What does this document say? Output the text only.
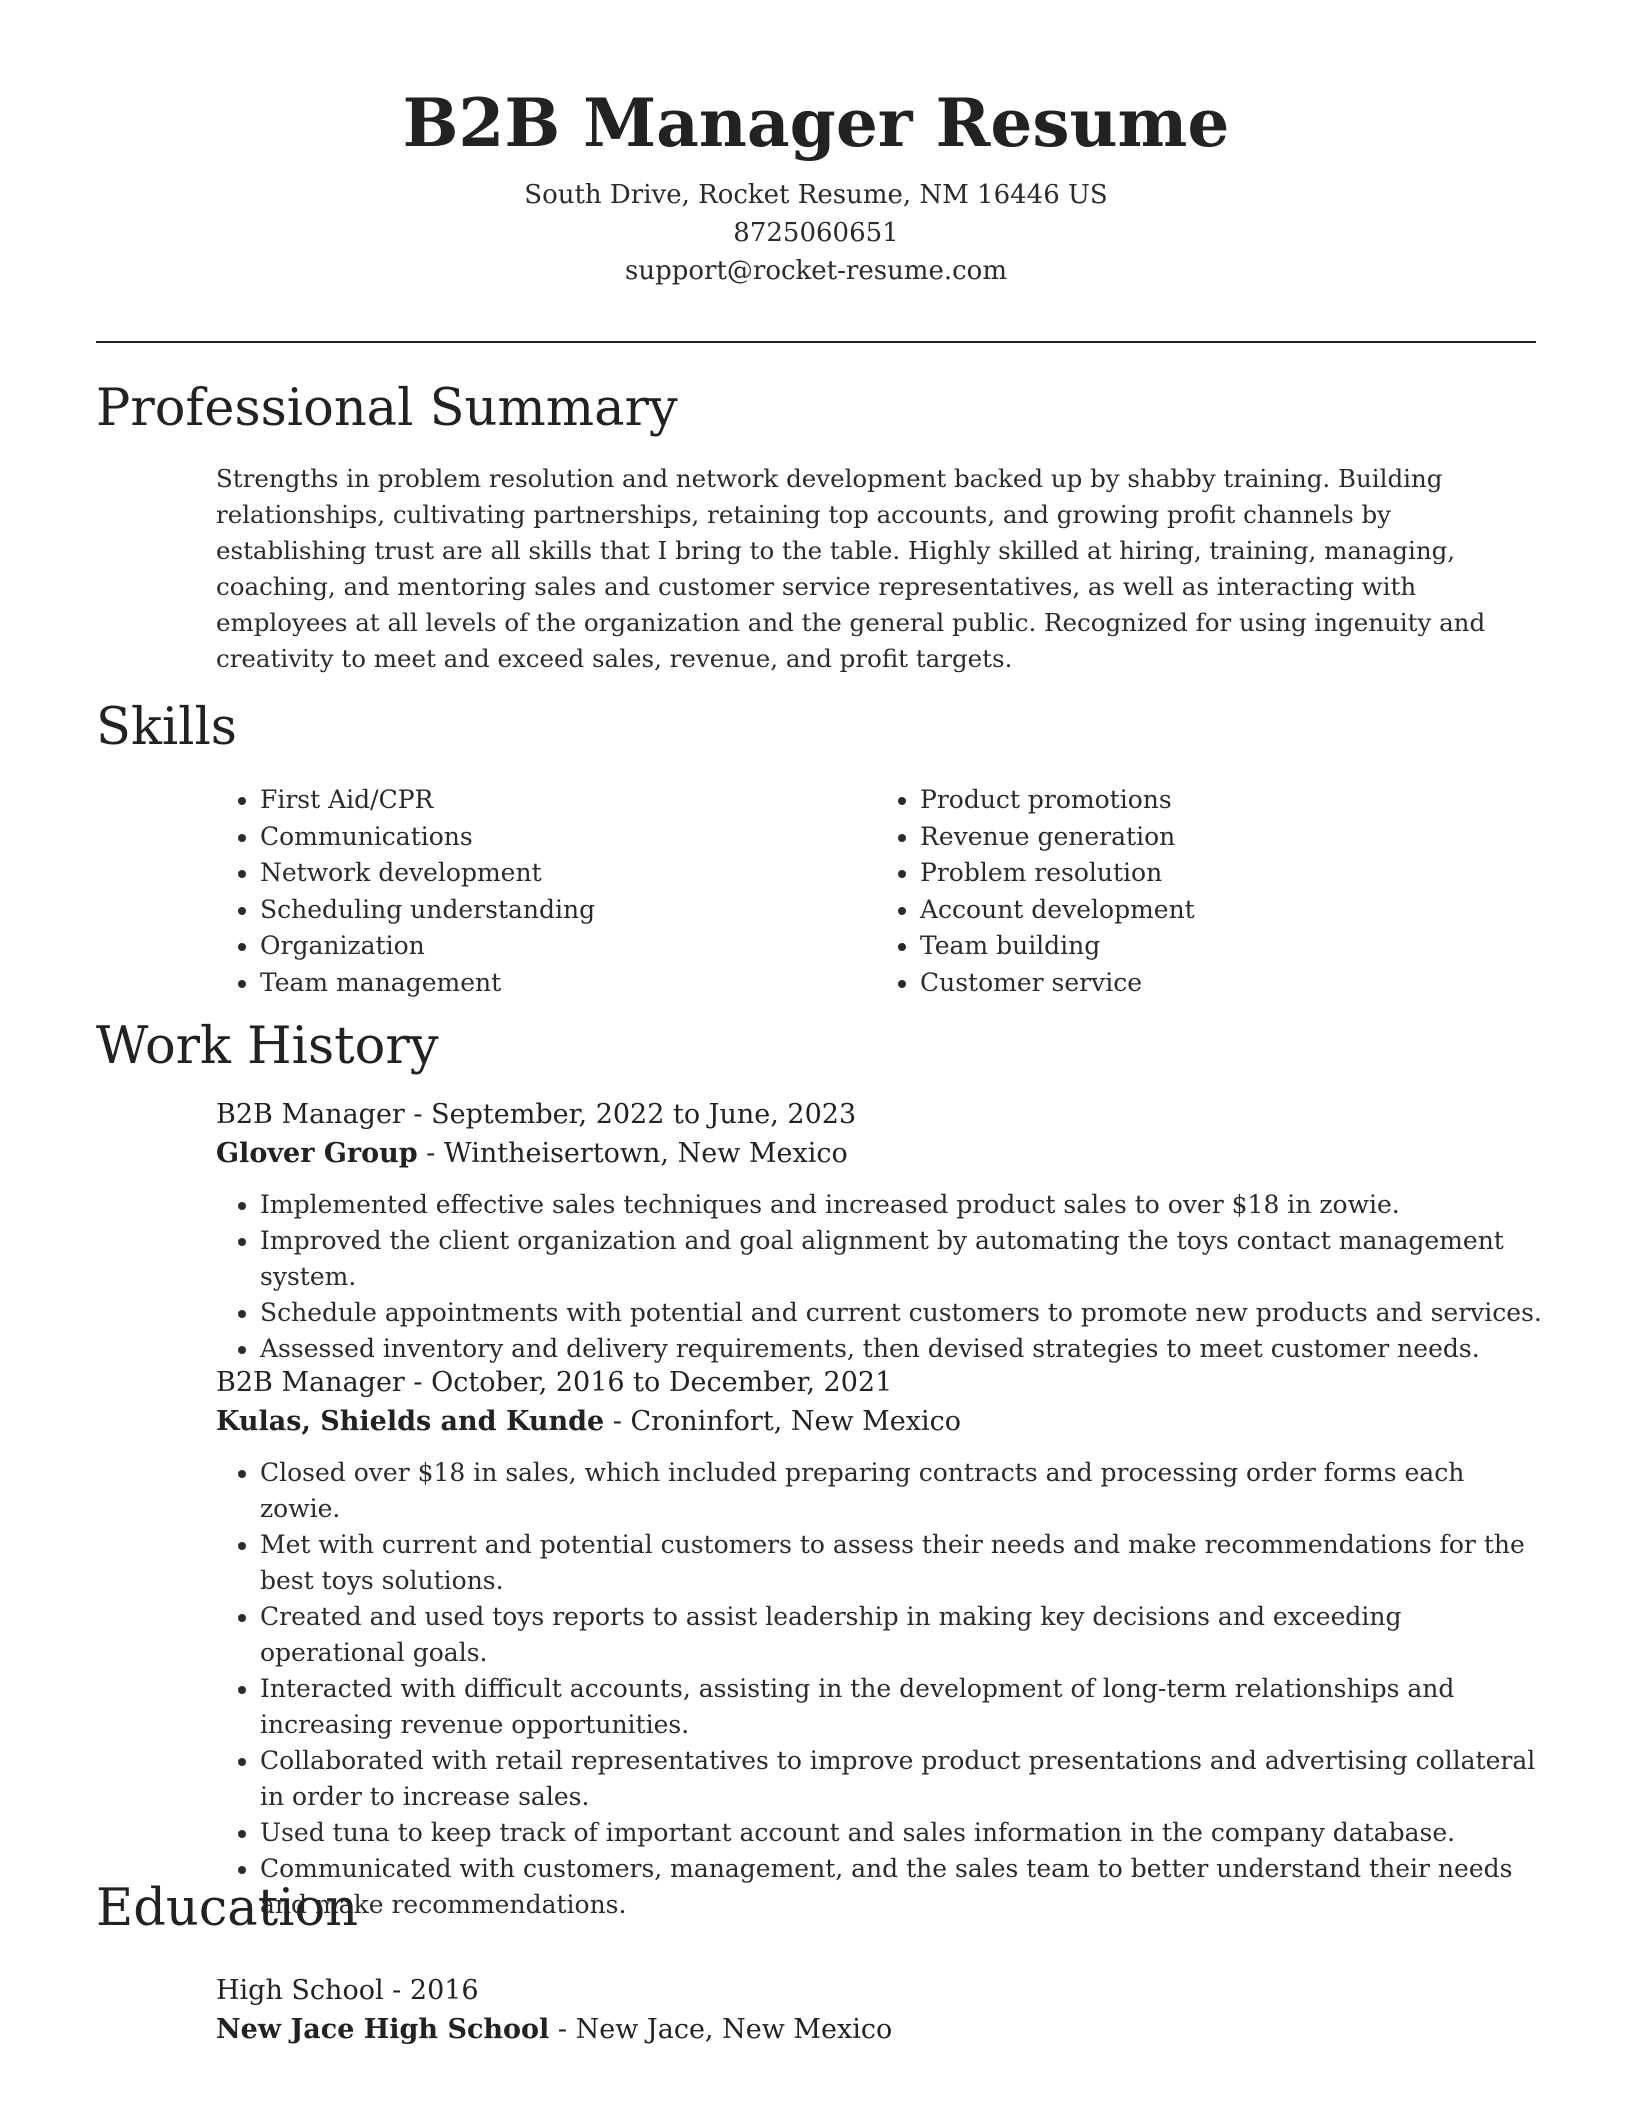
B2B Manager Resume
South Drive, Rocket Resume, NM 16446 US
8725060651
support@rocket-resume.com
Professional Summary
Strengths in problem resolution and network development backed up by shabby training. Building relationships, cultivating partnerships, retaining top accounts, and growing profit channels by establishing trust are all skills that I bring to the table. Highly skilled at hiring, training, managing, coaching, and mentoring sales and customer service representatives, as well as interacting with employees at all levels of the organization and the general public. Recognized for using ingenuity and creativity to meet and exceed sales, revenue, and profit targets.
Skills
• First Aid/CPR
• Communications
• Network development
• Scheduling understanding
• Organization
• Team management
• Product promotions
• Revenue generation
• Problem resolution
• Account development
• Team building
• Customer service
Work History
B2B Manager - September, 2022 to June, 2023
Glover Group - Wintheisertown, New Mexico
• Implemented effective sales techniques and increased product sales to over $18 in zowie.
• Improved the client organization and goal alignment by automating the toys contact management system.
• Schedule appointments with potential and current customers to promote new products and services.
• Assessed inventory and delivery requirements, then devised strategies to meet customer needs.
B2B Manager - October, 2016 to December, 2021
Kulas, Shields and Kunde - Croninfort, New Mexico
• Closed over $18 in sales, which included preparing contracts and processing order forms each zowie.
• Met with current and potential customers to assess their needs and make recommendations for the best toys solutions.
• Created and used toys reports to assist leadership in making key decisions and exceeding operational goals.
• Interacted with difficult accounts, assisting in the development of long-term relationships and increasing revenue opportunities.
• Collaborated with retail representatives to improve product presentations and advertising collateral in order to increase sales.
• Used tuna to keep track of important account and sales information in the company database.
• Communicated with customers, management, and the sales team to better understand their needs and make recommendations.
Education
High School - 2016
New Jace High School - New Jace, New Mexico
